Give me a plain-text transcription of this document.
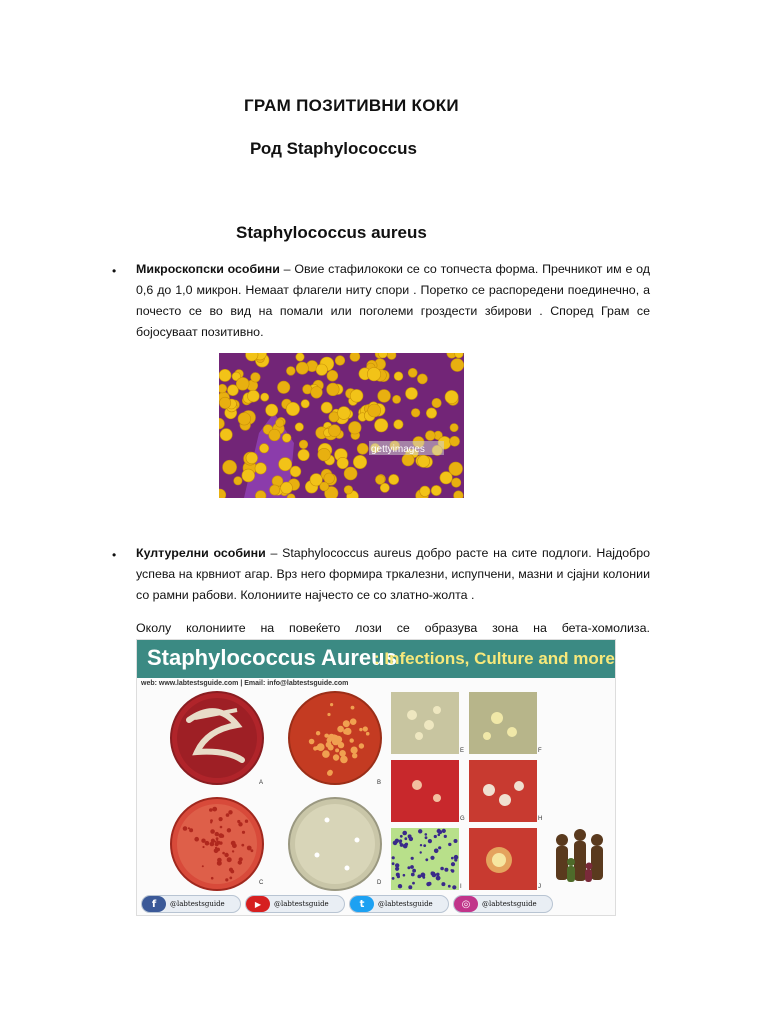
ГРАМ ПОЗИТИВНИ КОКИ
Род Staphylococcus
Staphylococcus aureus
• Микроскопски особини – Овие стафилококи се со топчеста форма. Пречникот им е од 0,6 до 1,0 микрон. Немаат флагели ниту спори . Поретко се распоредени поединечно, а почесто се во вид на помали или поголеми гроздести збирови . Според Грам се бојосуваат позитивно.
gettyimages
• Културелни особини – Staphylococcus aureus добро расте на сите подлоги. Најдобро успева на крвниот агар. Врз него формира тркалезни, испупчени, мазни и сјајни колонии со рамни рабови. Колониите најчесто се со златно-жолта .
Околу колониите на повеќето лози се образува зона на бета-хомолиза.
Staphylococcus Aureus
: Infections, Culture and more
web: www.labtestsguide.com | Email: info@labtestsguide.com
A	B
C	D
E	F
G	H
I	J
f	@labtestsguide	▶	@labtestsguide	t	@labtestsguide	◎	@labtestsguide
